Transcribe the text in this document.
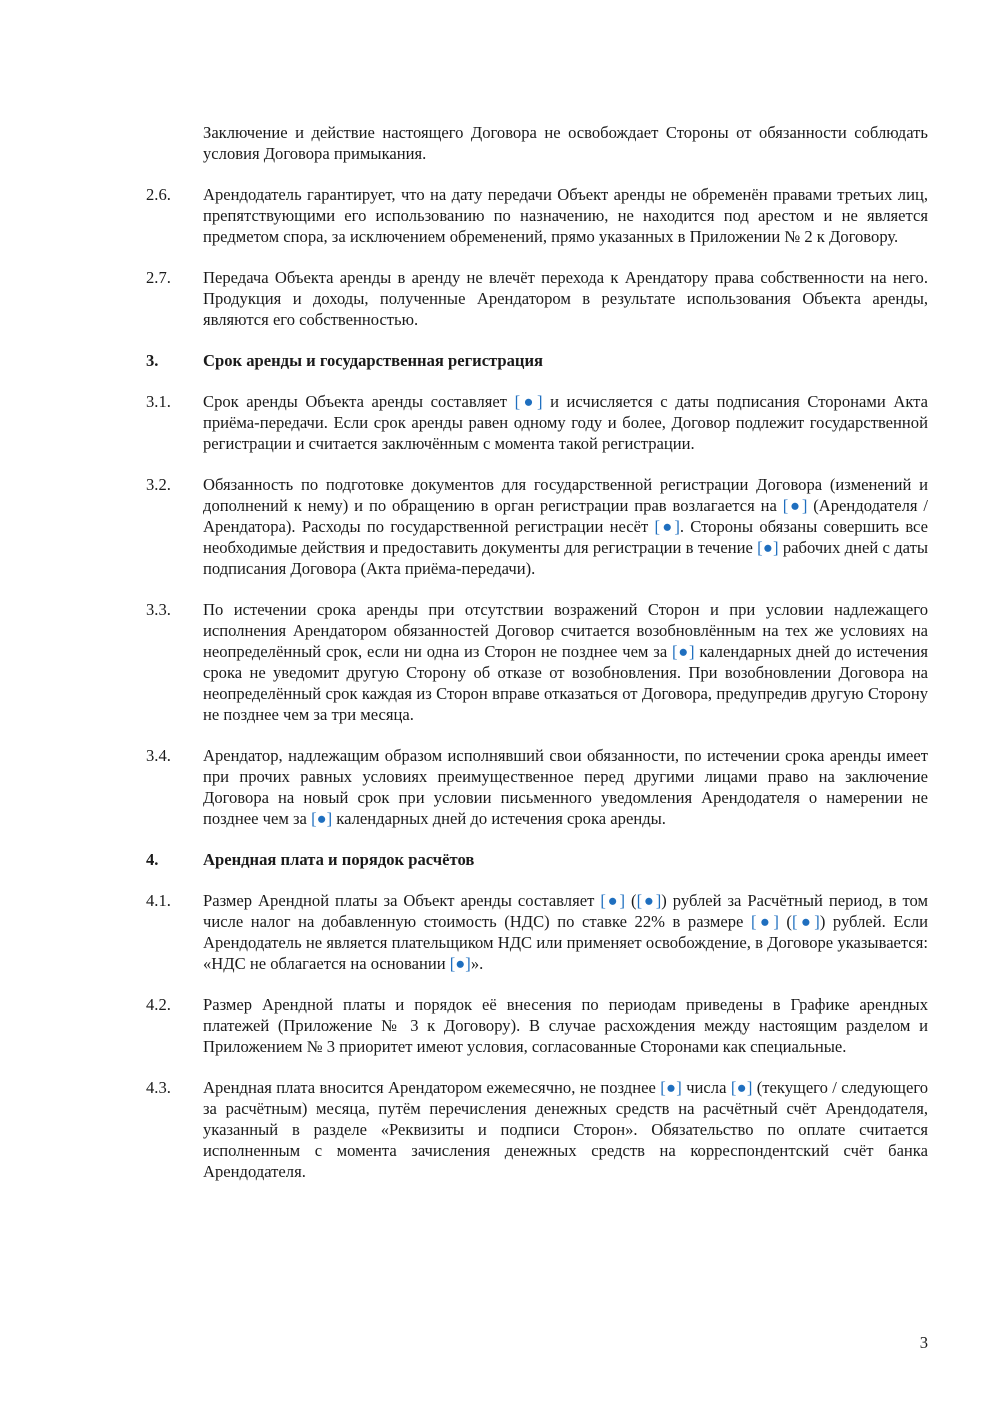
Заключение и действие настоящего Договора не освобождает Стороны от обязанности соблюдать условия Договора примыкания.
2.6.	Арендодатель гарантирует, что на дату передачи Объект аренды не обременён правами третьих лиц, препятствующими его использованию по назначению, не находится под арестом и не является предметом спора, за исключением обременений, прямо указанных в Приложении № 2 к Договору.
2.7.	Передача Объекта аренды в аренду не влечёт перехода к Арендатору права собственности на него. Продукция и доходы, полученные Арендатором в результате использования Объекта аренды, являются его собственностью.
3.	Срок аренды и государственная регистрация
3.1.	Срок аренды Объекта аренды составляет [●] и исчисляется с даты подписания Сторонами Акта приёма-передачи. Если срок аренды равен одному году и более, Договор подлежит государственной регистрации и считается заключённым с момента такой регистрации.
3.2.	Обязанность по подготовке документов для государственной регистрации Договора (изменений и дополнений к нему) и по обращению в орган регистрации прав возлагается на [●] (Арендодателя / Арендатора). Расходы по государственной регистрации несёт [●]. Стороны обязаны совершить все необходимые действия и предоставить документы для регистрации в течение [●] рабочих дней с даты подписания Договора (Акта приёма-передачи).
3.3.	По истечении срока аренды при отсутствии возражений Сторон и при условии надлежащего исполнения Арендатором обязанностей Договор считается возобновлённым на тех же условиях на неопределённый срок, если ни одна из Сторон не позднее чем за [●] календарных дней до истечения срока не уведомит другую Сторону об отказе от возобновления. При возобновлении Договора на неопределённый срок каждая из Сторон вправе отказаться от Договора, предупредив другую Сторону не позднее чем за три месяца.
3.4.	Арендатор, надлежащим образом исполнявший свои обязанности, по истечении срока аренды имеет при прочих равных условиях преимущественное перед другими лицами право на заключение Договора на новый срок при условии письменного уведомления Арендодателя о намерении не позднее чем за [●] календарных дней до истечения срока аренды.
4.	Арендная плата и порядок расчётов
4.1.	Размер Арендной платы за Объект аренды составляет [●] ([●]) рублей за Расчётный период, в том числе налог на добавленную стоимость (НДС) по ставке 22% в размере [●] ([●]) рублей. Если Арендодатель не является плательщиком НДС или применяет освобождение, в Договоре указывается: «НДС не облагается на основании [●]».
4.2.	Размер Арендной платы и порядок её внесения по периодам приведены в Графике арендных платежей (Приложение № 3 к Договору). В случае расхождения между настоящим разделом и Приложением № 3 приоритет имеют условия, согласованные Сторонами как специальные.
4.3.	Арендная плата вносится Арендатором ежемесячно, не позднее [●] числа [●] (текущего / следующего за расчётным) месяца, путём перечисления денежных средств на расчётный счёт Арендодателя, указанный в разделе «Реквизиты и подписи Сторон». Обязательство по оплате считается исполненным с момента зачисления денежных средств на корреспондентский счёт банка Арендодателя.
3
